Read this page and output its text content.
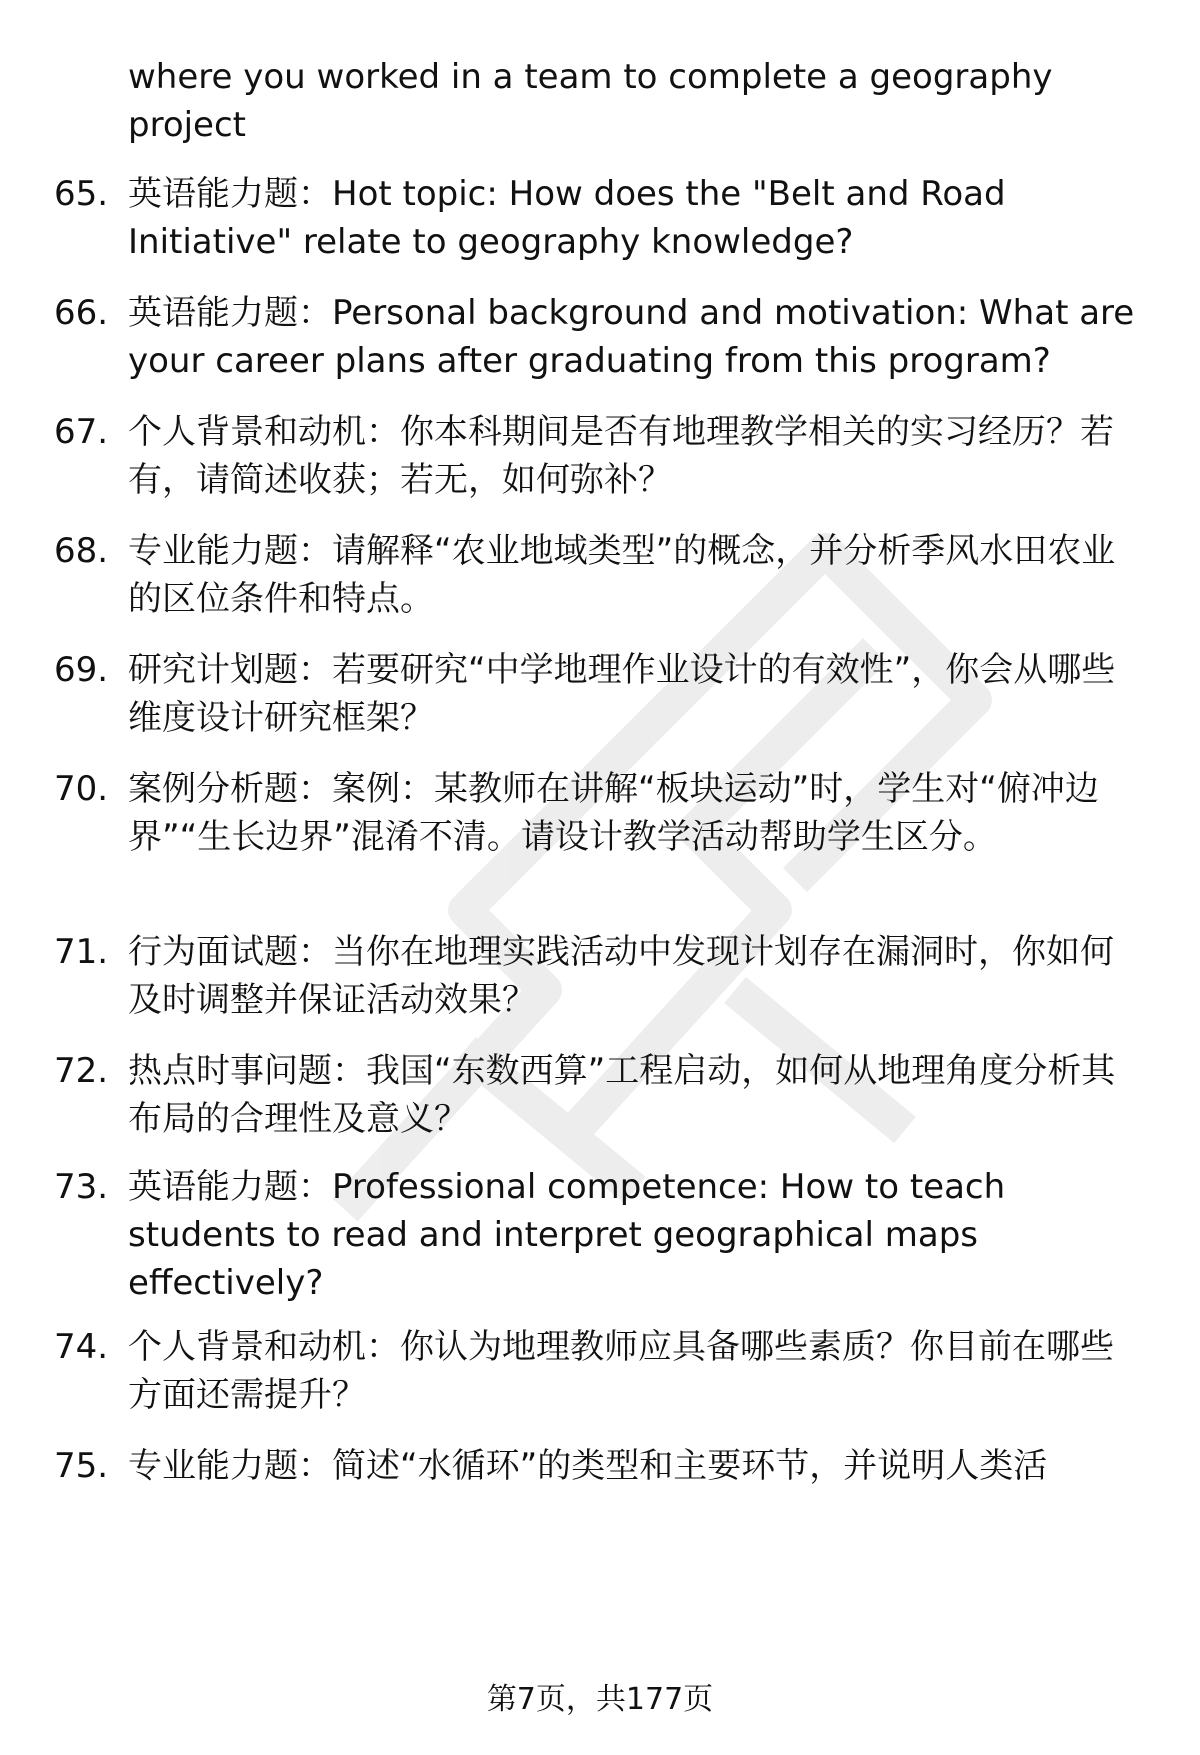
where you worked in a team to complete a geography project

65. 英语能力题：Hot topic: How does the "Belt and Road Initiative" relate to geography knowledge?
66. 英语能力题：Personal background and motivation: What are your career plans after graduating from this program?
67. 个人背景和动机：你本科期间是否有地理教学相关的实习经历？若有，请简述收获；若无，如何弥补？
68. 专业能力题：请解释“农业地域类型”的概念，并分析季风水田农业的区位条件和特点。
69. 研究计划题：若要研究“中学地理作业设计的有效性”，你会从哪些维度设计研究框架？
70. 案例分析题：案例：某教师在讲解“板块运动”时，学生对“俯冲边界”“生长边界”混淆不清。请设计教学活动帮助学生区分。
71. 行为面试题：当你在地理实践活动中发现计划存在漏洞时，你如何及时调整并保证活动效果？
72. 热点时事问题：我国“东数西算”工程启动，如何从地理角度分析其布局的合理性及意义？
73. 英语能力题：Professional competence: How to teach students to read and interpret geographical maps effectively?
74. 个人背景和动机：你认为地理教师应具备哪些素质？你目前在哪些方面还需提升？
75. 专业能力题：简述“水循环”的类型和主要环节，并说明人类活
第7页，共177页
